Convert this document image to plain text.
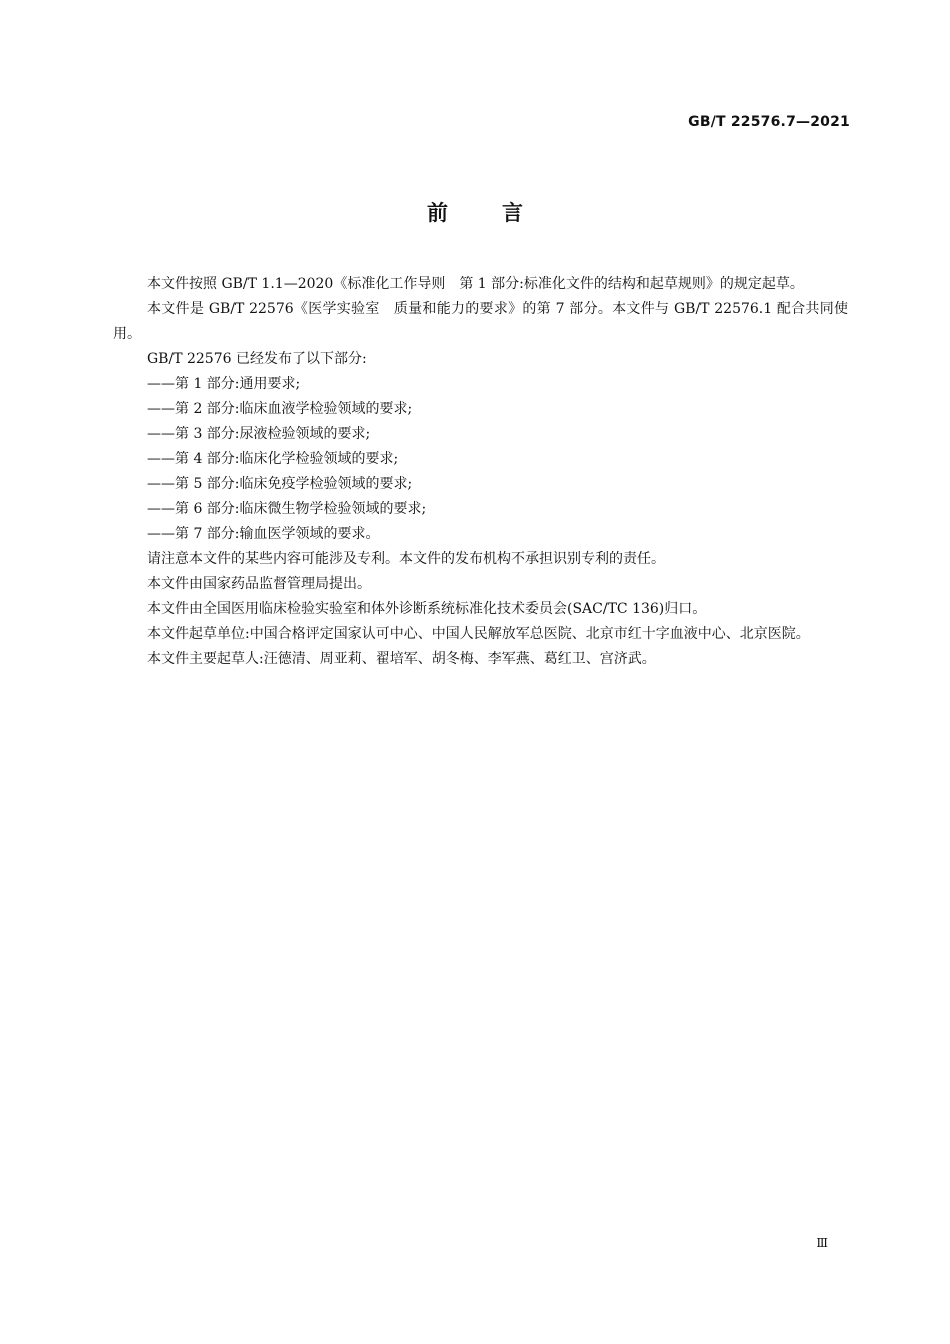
GB/T 22576.7—2021
前言

本文件按照 GB/T 1.1—2020《标准化工作导则　第 1 部分:标准化文件的结构和起草规则》的规定起草。

本文件是 GB/T 22576《医学实验室　质量和能力的要求》的第 7 部分。本文件与 GB/T 22576.1 配合共同使用。

GB/T 22576 已经发布了以下部分:

——第 1 部分:通用要求;

——第 2 部分:临床血液学检验领域的要求;

——第 3 部分:尿液检验领域的要求;

——第 4 部分:临床化学检验领域的要求;

——第 5 部分:临床免疫学检验领域的要求;

——第 6 部分:临床微生物学检验领域的要求;

——第 7 部分:输血医学领域的要求。

请注意本文件的某些内容可能涉及专利。本文件的发布机构不承担识别专利的责任。

本文件由国家药品监督管理局提出。

本文件由全国医用临床检验实验室和体外诊断系统标准化技术委员会(SAC/TC 136)归口。

本文件起草单位:中国合格评定国家认可中心、中国人民解放军总医院、北京市红十字血液中心、北京医院。

本文件主要起草人:汪德清、周亚莉、翟培军、胡冬梅、李军燕、葛红卫、宫济武。

Ⅲ
